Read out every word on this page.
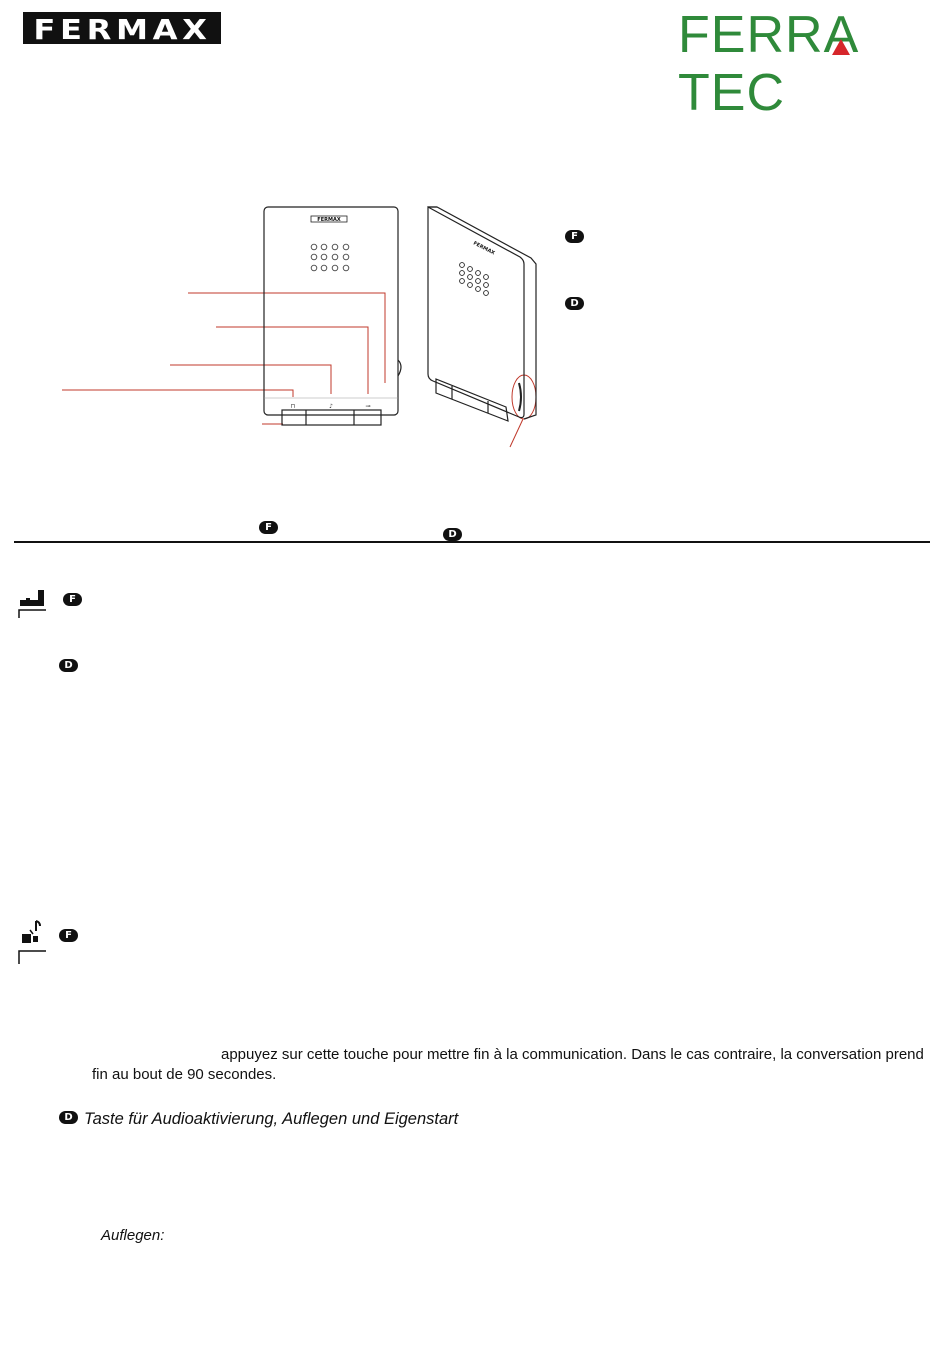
FERMAX	FERRA
TEC
⊓	♪	⊸
FERMAX
FERMAX
F
D
F
D
F
D
F
appuyez sur cette touche pour mettre fin à la communication. Dans le cas contraire, la conversation prend
fin au bout de 90 secondes.
D Taste für Audioaktivierung, Auflegen und Eigenstart
Auflegen:
